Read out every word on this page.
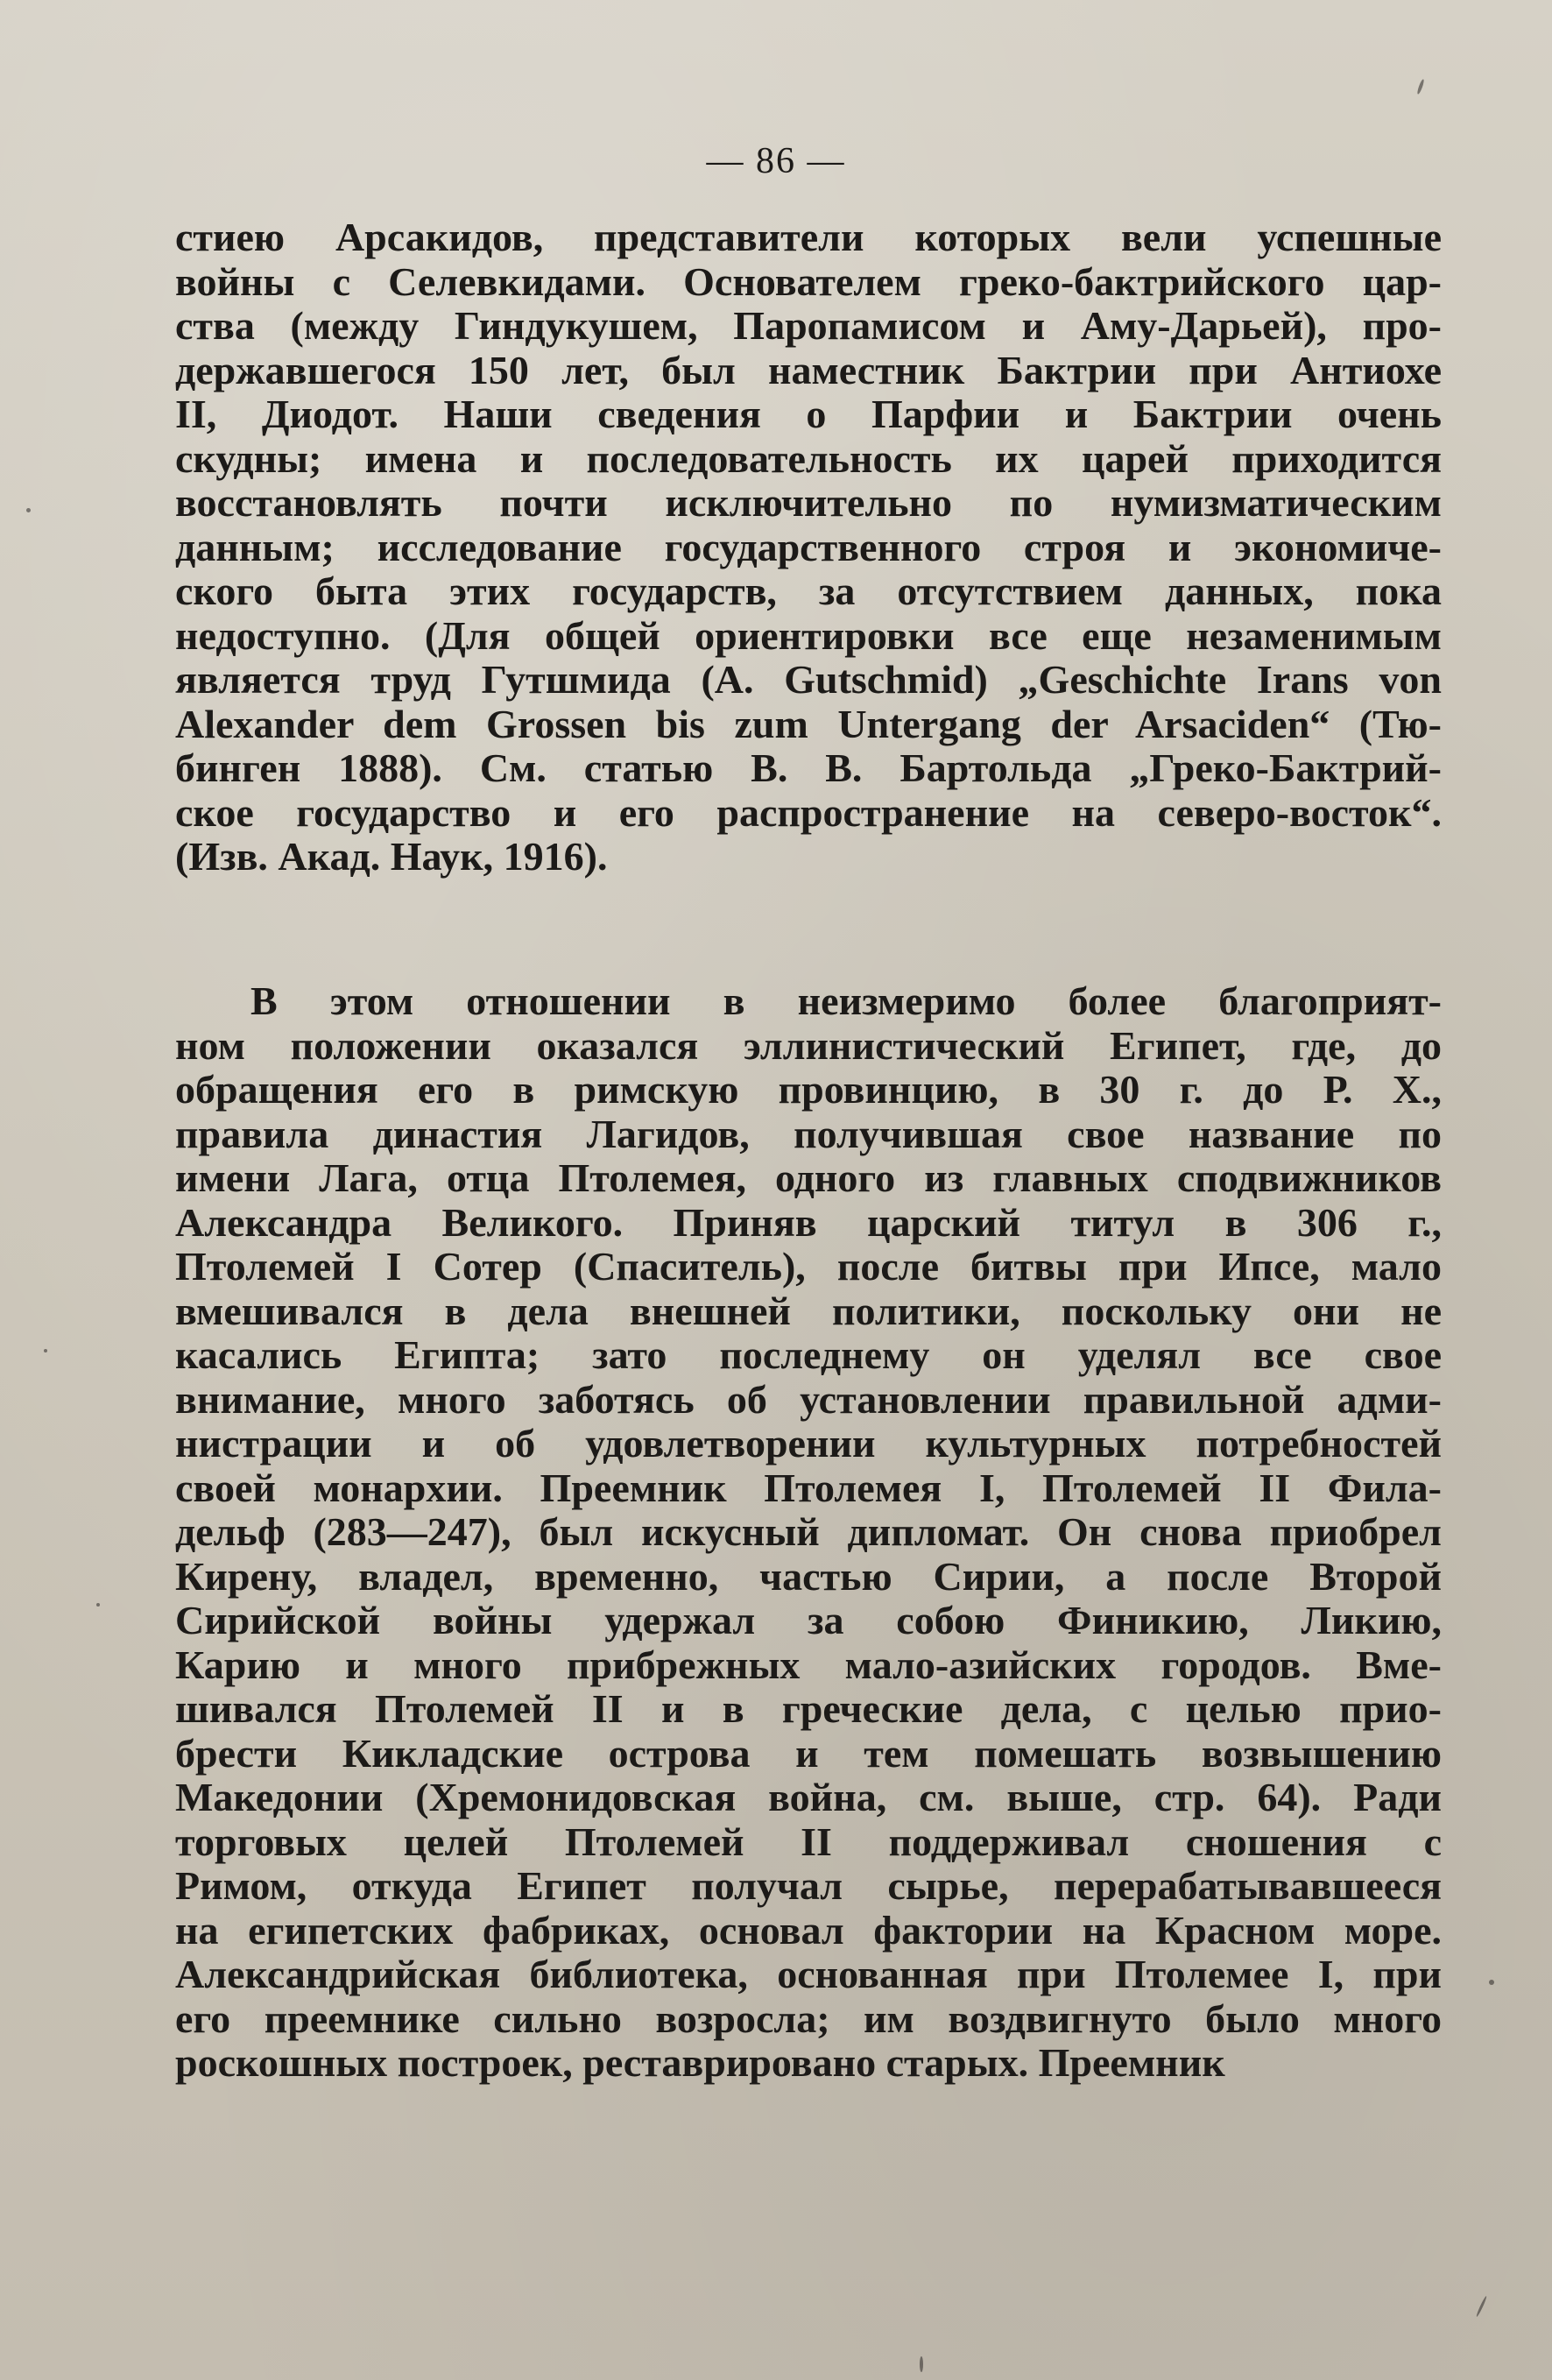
— 86 —
стиею Арсакидов, представители которых вели успешные
войны с Селевкидами. Основателем греко-бактрийского цар-
ства (между Гиндукушем, Паропамисом и Аму-Дарьей), про-
державшегося 150 лет, был наместник Бактрии при Антиохе
II, Диодот. Наши сведения о Парфии и Бактрии очень
скудны; имена и последовательность их царей приходится
восстановлять почти исключительно по нумизматическим
данным; исследование государственного строя и экономиче-
ского быта этих государств, за отсутствием данных, пока
недоступно. (Для общей ориентировки все еще незаменимым
является труд Гутшмида (A. Gutschmid) „Geschichte Irans von
Alexander dem Grossen bis zum Untergang der Arsaciden“ (Тю-
бинген 1888). См. статью В. В. Бартольда „Греко-Бактрий-
ское государство и его распространение на северо-восток“.
(Изв. Акад. Наук, 1916).
В этом отношении в неизмеримо более благоприят-
ном положении оказался эллинистический Египет, где, до
обращения его в римскую провинцию, в 30 г. до Р. Х.,
правила династия Лагидов, получившая свое название по
имени Лага, отца Птолемея, одного из главных сподвижников
Александра Великого. Приняв царский титул в 306 г.,
Птолемей I Сотер (Спаситель), после битвы при Ипсе, мало
вмешивался в дела внешней политики, поскольку они не
касались Египта; зато последнему он уделял все свое
внимание, много заботясь об установлении правильной адми-
нистрации и об удовлетворении культурных потребностей
своей монархии. Преемник Птолемея I, Птолемей II Фила-
дельф (283—247), был искусный дипломат. Он снова приобрел
Кирену, владел, временно, частью Сирии, а после Второй
Сирийской войны удержал за собою Финикию, Ликию,
Карию и много прибрежных мало-азийских городов. Вме-
шивался Птолемей II и в греческие дела, с целью прио-
брести Кикладские острова и тем помешать возвышению
Македонии (Хремонидовская война, см. выше, стр. 64). Ради
торговых целей Птолемей II поддерживал сношения с
Римом, откуда Египет получал сырье, перерабатывавшееся
на египетских фабриках, основал фактории на Красном море.
Александрийская библиотека, основанная при Птолемее I, при
его преемнике сильно возросла; им воздвигнуто было много
роскошных построек, реставрировано старых. Преемник
